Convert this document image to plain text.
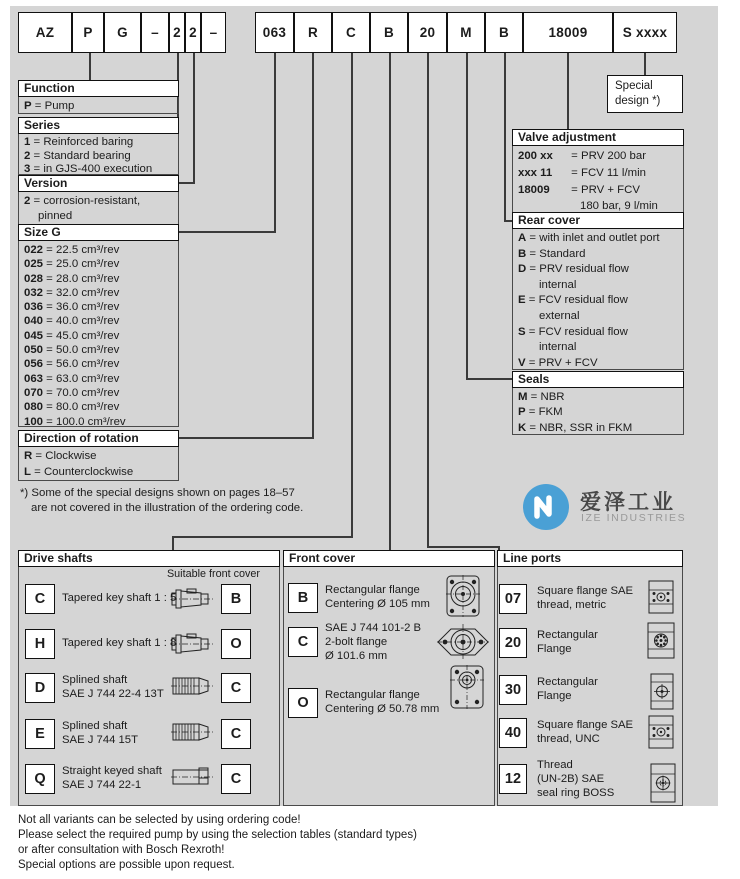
Special
design *)
*) Some of the special designs shown on pages 18–57
are not covered in the illustration of the ordering code.	爱泽工业
IZE INDUSTRIES
Not all variants can be selected by using ordering code!
Please select the required pump by using the selection tables (standard types)
or after consultation with Bosch Rexroth!
Special options are possible upon request.
AZ	P	G	–	2 2 –	063	R	C	B	20	M	B	18009	S xxxx
Function
P = Pump
Series
1 = Reinforced baring
2 = Standard bearing
3 = in GJS-400 execution
Version
2 = corrosion-resistant,
pinned
Size G
022 = 22.5 cm³/rev
025 = 25.0 cm³/rev
028 = 28.0 cm³/rev
032 = 32.0 cm³/rev
036 = 36.0 cm³/rev
040 = 40.0 cm³/rev
045 = 45.0 cm³/rev
050 = 50.0 cm³/rev
056 = 56.0 cm³/rev
063 = 63.0 cm³/rev
070 = 70.0 cm³/rev
080 = 80.0 cm³/rev
100 = 100.0 cm³/rev
Direction of rotation
R = Clockwise
L = Counterclockwise
Valve adjustment
200 xx = PRV 200 bar
xxx 11 = FCV 11 l/min
18009 = PRV + FCV
180 bar, 9 l/min
Rear cover
A = with inlet and outlet port
B = Standard
D = PRV residual flow
internal
E = FCV residual flow
external
S = FCV residual flow
internal
V = PRV + FCV
Seals
M = NBR
P = FKM
K = NBR, SSR in FKM
Drive shafts
Suitable front cover
C	Tapered key shaft 1 : 5	B
H	Tapered key shaft 1 : 8	O
D	Splined shaft
SAE J 744 22-4 13T	C
E	Splined shaft
SAE J 744 15T	C
Q	Straight keyed shaft
SAE J 744 22-1	C
Front cover
B	Rectangular flange
Centering Ø 105 mm
C
SAE J 744 101-2 B
2-bolt flange
Ø 101.6 mm
O	Rectangular flange
Centering Ø 50.78 mm
Line ports
07	Square flange SAE
thread, metric
20	Rectangular
Flange
30	Rectangular
Flange
40	Square flange SAE
thread, UNC
12
Thread
(UN-2B) SAE
seal ring BOSS
